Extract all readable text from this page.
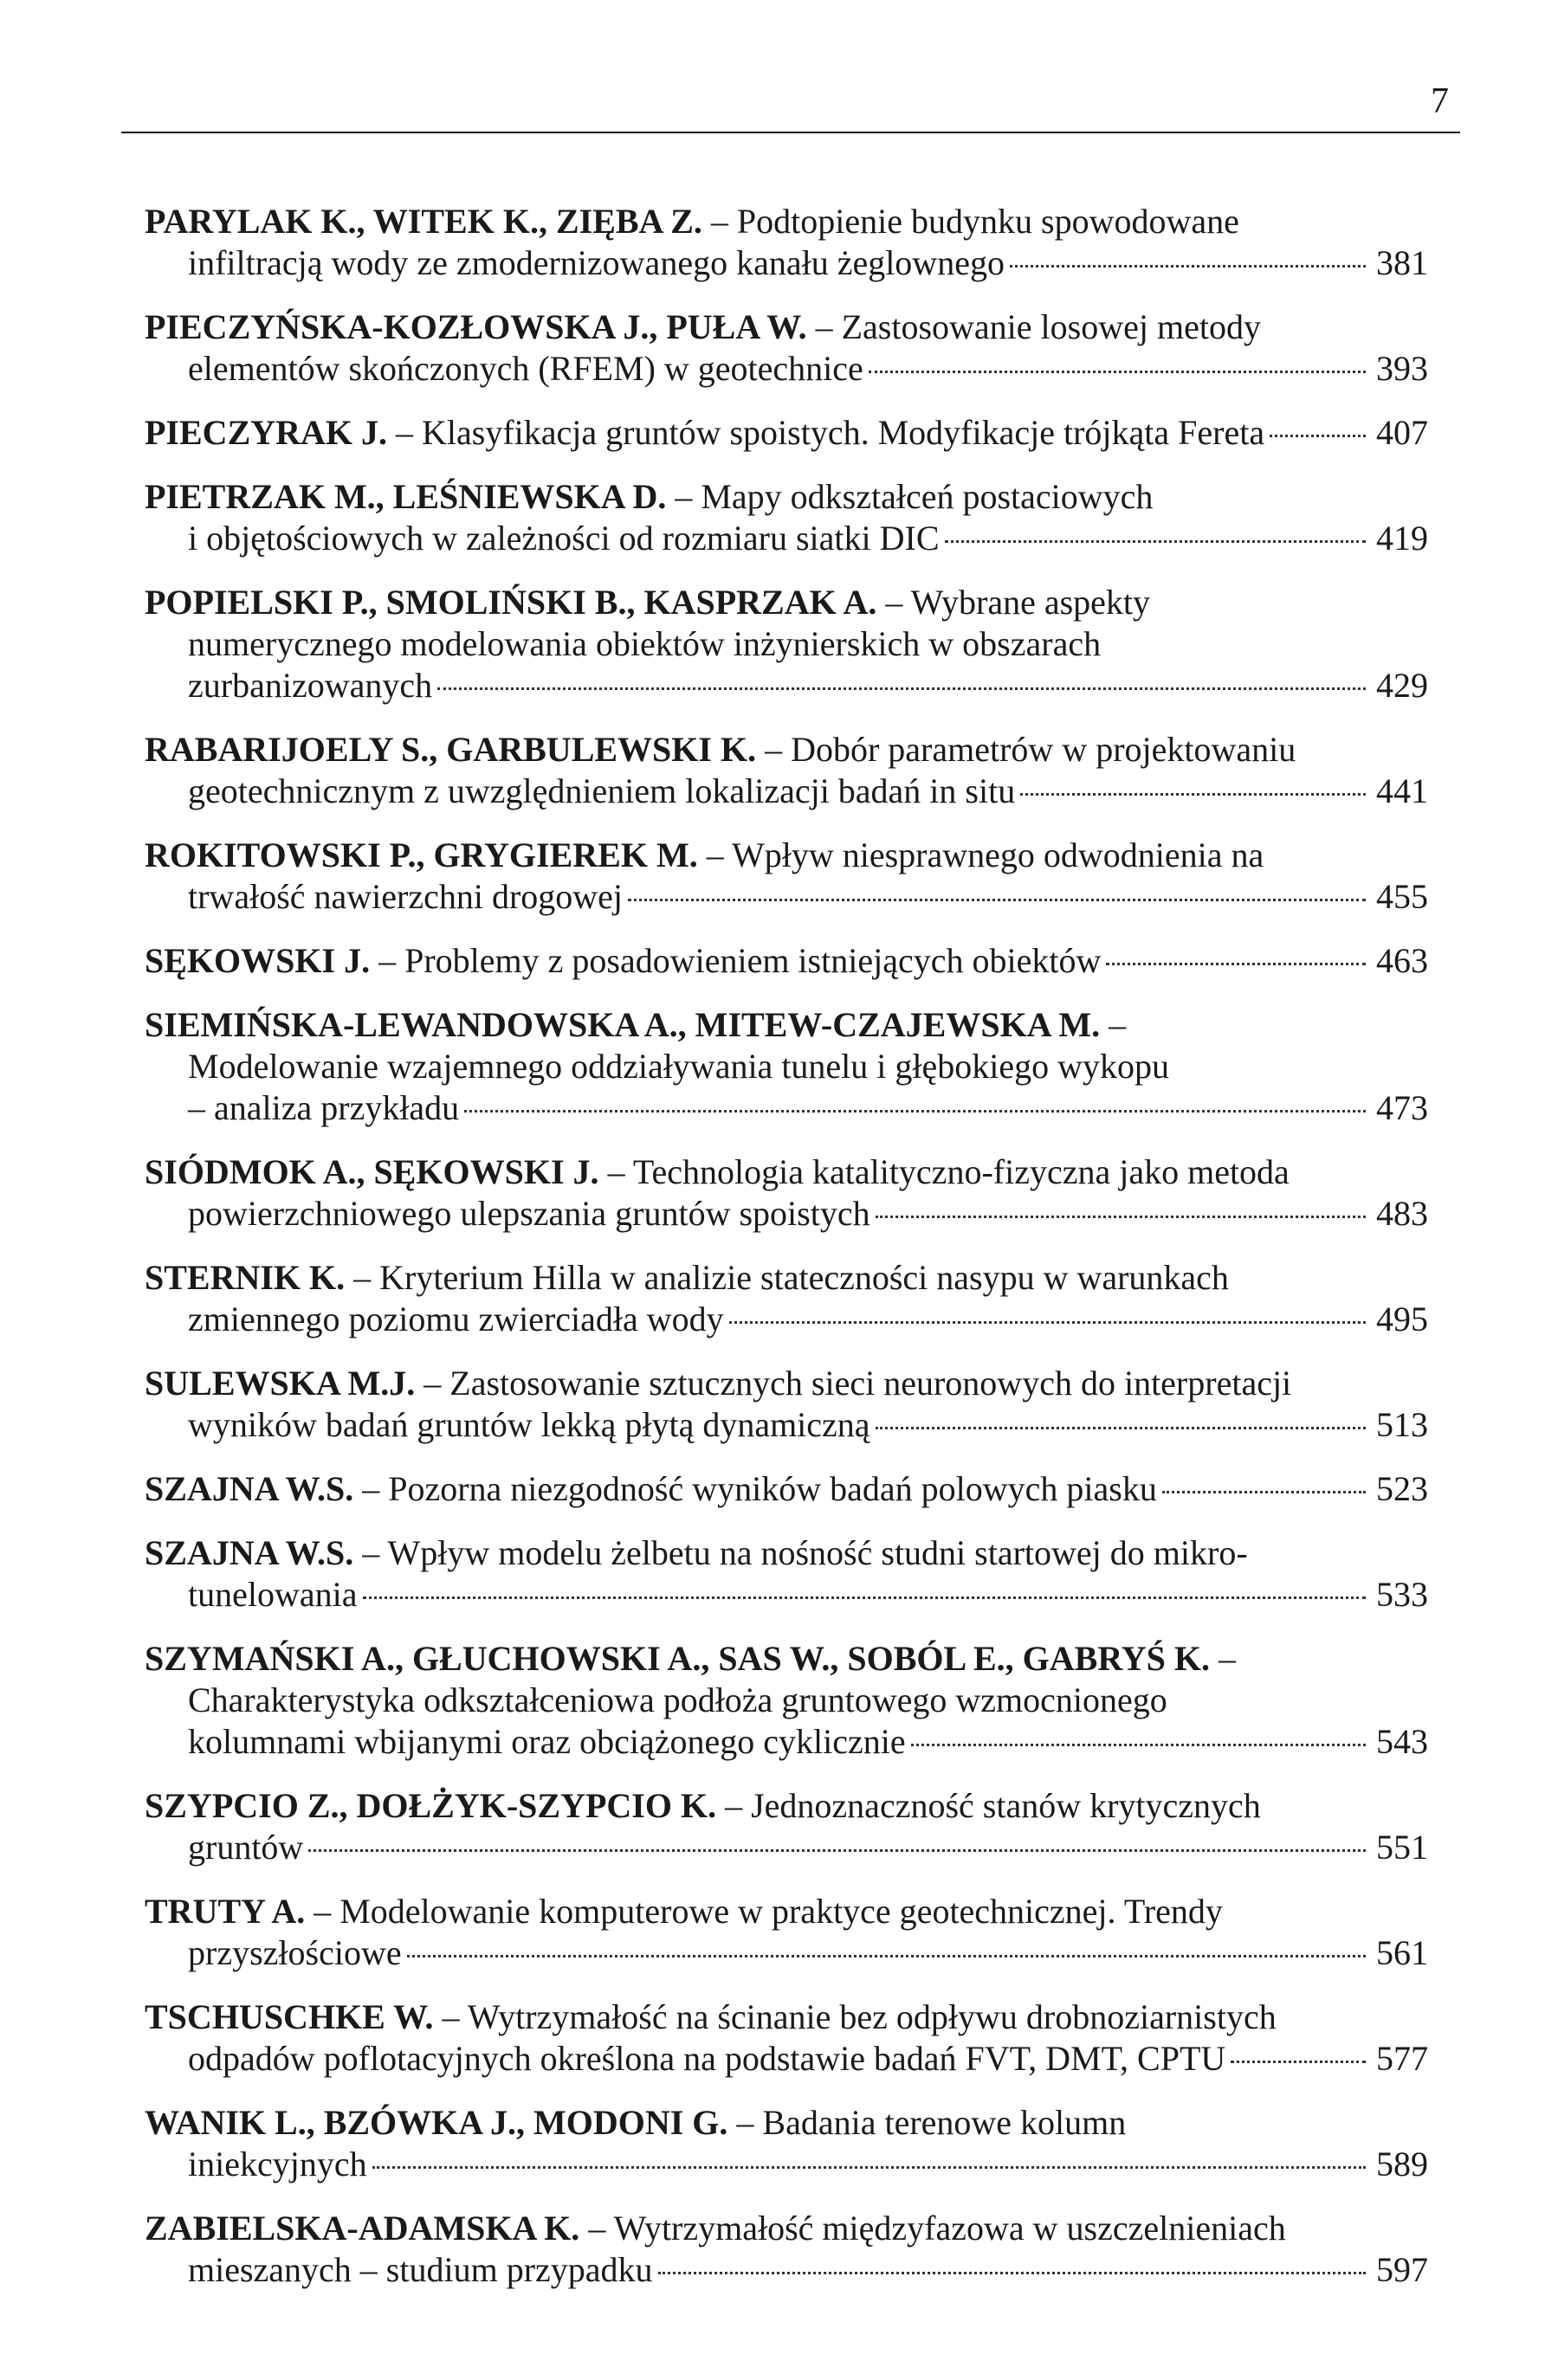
7
PARYLAK K., WITEK K., ZIĘBA Z. – Podtopienie budynku spowodowane
infiltracją wody ze zmodernizowanego kanału żeglownego	381
PIECZYŃSKA-KOZŁOWSKA J., PUŁA W. – Zastosowanie losowej metody
elementów skończonych (RFEM) w geotechnice	393
PIECZYRAK J. – Klasyfikacja gruntów spoistych. Modyfikacje trójkąta Fereta	407
PIETRZAK M., LEŚNIEWSKA D. – Mapy odkształceń postaciowych
i objętościowych w zależności od rozmiaru siatki DIC	419
POPIELSKI P., SMOLIŃSKI B., KASPRZAK A. – Wybrane aspekty
numerycznego modelowania obiektów inżynierskich w obszarach
zurbanizowanych	429
RABARIJOELY S., GARBULEWSKI K. – Dobór parametrów w projektowaniu
geotechnicznym z uwzględnieniem lokalizacji badań in situ	441
ROKITOWSKI P., GRYGIEREK M. – Wpływ niesprawnego odwodnienia na
trwałość nawierzchni drogowej	455
SĘKOWSKI J. – Problemy z posadowieniem istniejących obiektów	463
SIEMIŃSKA-LEWANDOWSKA A., MITEW-CZAJEWSKA M. –
Modelowanie wzajemnego oddziaływania tunelu i głębokiego wykopu
– analiza przykładu	473
SIÓDMOK A., SĘKOWSKI J. – Technologia katalityczno-fizyczna jako metoda
powierzchniowego ulepszania gruntów spoistych	483
STERNIK K. – Kryterium Hilla w analizie stateczności nasypu w warunkach
zmiennego poziomu zwierciadła wody	495
SULEWSKA M.J. – Zastosowanie sztucznych sieci neuronowych do interpretacji
wyników badań gruntów lekką płytą dynamiczną	513
SZAJNA W.S. – Pozorna niezgodność wyników badań polowych piasku	523
SZAJNA W.S. – Wpływ modelu żelbetu na nośność studni startowej do mikro-
tunelowania	533
SZYMAŃSKI A., GŁUCHOWSKI A., SAS W., SOBÓL E., GABRYŚ K. –
Charakterystyka odkształceniowa podłoża gruntowego wzmocnionego
kolumnami wbijanymi oraz obciążonego cyklicznie	543
SZYPCIO Z., DOŁŻYK-SZYPCIO K. – Jednoznaczność stanów krytycznych
gruntów	551
TRUTY A. – Modelowanie komputerowe w praktyce geotechnicznej. Trendy
przyszłościowe	561
TSCHUSCHKE W. – Wytrzymałość na ścinanie bez odpływu drobnoziarnistych
odpadów poflotacyjnych określona na podstawie badań FVT, DMT, CPTU	577
WANIK L., BZÓWKA J., MODONI G. – Badania terenowe kolumn
iniekcyjnych	589
ZABIELSKA-ADAMSKA K. – Wytrzymałość międzyfazowa w uszczelnieniach
mieszanych – studium przypadku	597
